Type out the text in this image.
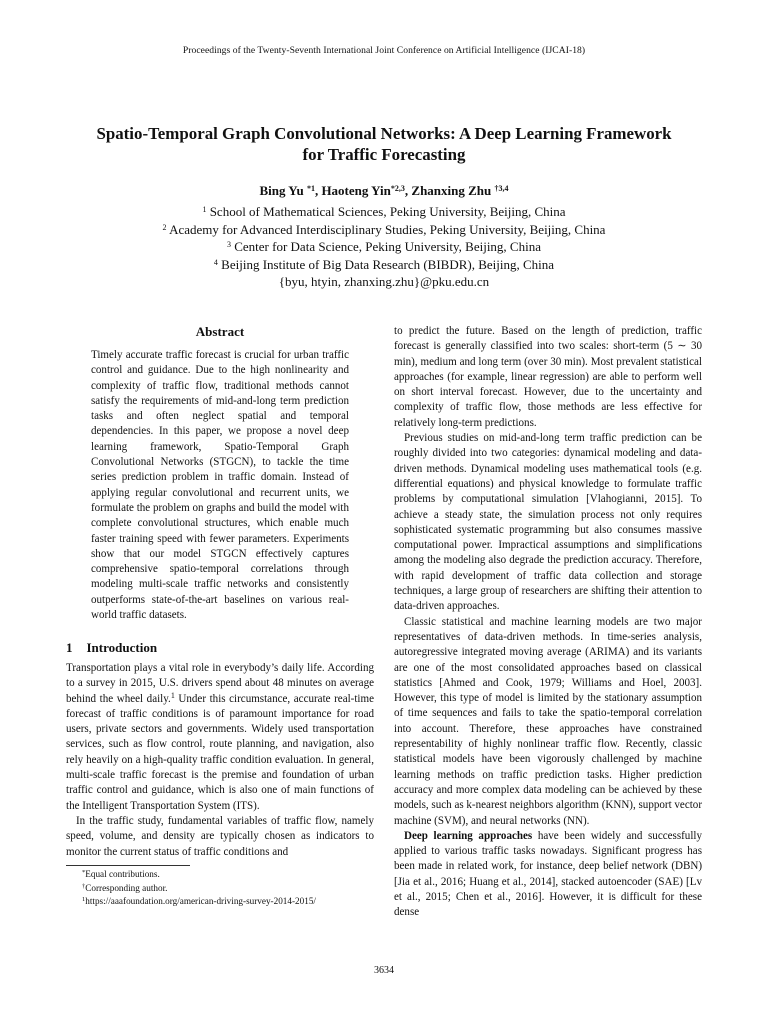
Proceedings of the Twenty-Seventh International Joint Conference on Artificial Intelligence (IJCAI-18)
Spatio-Temporal Graph Convolutional Networks: A Deep Learning Framework
for Traffic Forecasting
Bing Yu $^{*1}$, Haoteng Yin$^{*2,3}$, Zhanxing Zhu $^{\dagger 3,4}$
$^1$ School of Mathematical Sciences, Peking University, Beijing, China
$^2$ Academy for Advanced Interdisciplinary Studies, Peking University, Beijing, China
$^3$ Center for Data Science, Peking University, Beijing, China
$^4$ Beijing Institute of Big Data Research (BIBDR), Beijing, China
{byu, htyin, zhanxing.zhu}@pku.edu.cn
Abstract
Timely accurate traffic forecast is crucial for urban traffic control and guidance. Due to the high nonlinearity and complexity of traffic flow, traditional methods cannot satisfy the requirements of mid-and-long term prediction tasks and often neglect spatial and temporal dependencies. In this paper, we propose a novel deep learning framework, Spatio-Temporal Graph Convolutional Networks (STGCN), to tackle the time series prediction problem in traffic domain. Instead of applying regular convolutional and recurrent units, we formulate the problem on graphs and build the model with complete convolutional structures, which enable much faster training speed with fewer parameters. Experiments show that our model STGCN effectively captures comprehensive spatio-temporal correlations through modeling multi-scale traffic networks and consistently outperforms state-of-the-art baselines on various real-world traffic datasets.
1 Introduction

Transportation plays a vital role in everybody’s daily life. According to a survey in 2015, U.S. drivers spend about 48 minutes on average behind the wheel daily.$^1$ Under this circumstance, accurate real-time forecast of traffic conditions is of paramount importance for road users, private sectors and governments. Widely used transportation services, such as flow control, route planning, and navigation, also rely heavily on a high-quality traffic condition evaluation. In general, multi-scale traffic forecast is the premise and foundation of urban traffic control and guidance, which is also one of main functions of the Intelligent Transportation System (ITS).

In the traffic study, fundamental variables of traffic flow, namely speed, volume, and density are typically chosen as indicators to monitor the current status of traffic conditions and

*Equal contributions.
†Corresponding author.
$^1$https://aaafoundation.org/american-driving-survey-2014-2015/

to predict the future. Based on the length of prediction, traffic forecast is generally classified into two scales: short-term (5 ∼ 30 min), medium and long term (over 30 min). Most prevalent statistical approaches (for example, linear regression) are able to perform well on short interval forecast. However, due to the uncertainty and complexity of traffic flow, those methods are less effective for relatively long-term predictions.

Previous studies on mid-and-long term traffic prediction can be roughly divided into two categories: dynamical modeling and data-driven methods. Dynamical modeling uses mathematical tools (e.g. differential equations) and physical knowledge to formulate traffic problems by computational simulation [Vlahogianni, 2015]. To achieve a steady state, the simulation process not only requires sophisticated systematic programming but also consumes massive computational power. Impractical assumptions and simplifications among the modeling also degrade the prediction accuracy. Therefore, with rapid development of traffic data collection and storage techniques, a large group of researchers are shifting their attention to data-driven approaches.

Classic statistical and machine learning models are two major representatives of data-driven methods. In time-series analysis, autoregressive integrated moving average (ARIMA) and its variants are one of the most consolidated approaches based on classical statistics [Ahmed and Cook, 1979; Williams and Hoel, 2003]. However, this type of model is limited by the stationary assumption of time sequences and fails to take the spatio-temporal correlation into account. Therefore, these approaches have constrained representability of highly nonlinear traffic flow. Recently, classic statistical models have been vigorously challenged by machine learning methods on traffic prediction tasks. Higher prediction accuracy and more complex data modeling can be achieved by these models, such as k-nearest neighbors algorithm (KNN), support vector machine (SVM), and neural networks (NN).

Deep learning approaches have been widely and successfully applied to various traffic tasks nowadays. Significant progress has been made in related work, for instance, deep belief network (DBN) [Jia et al., 2016; Huang et al., 2014], stacked autoencoder (SAE) [Lv et al., 2015; Chen et al., 2016]. However, it is difficult for these dense

3634
